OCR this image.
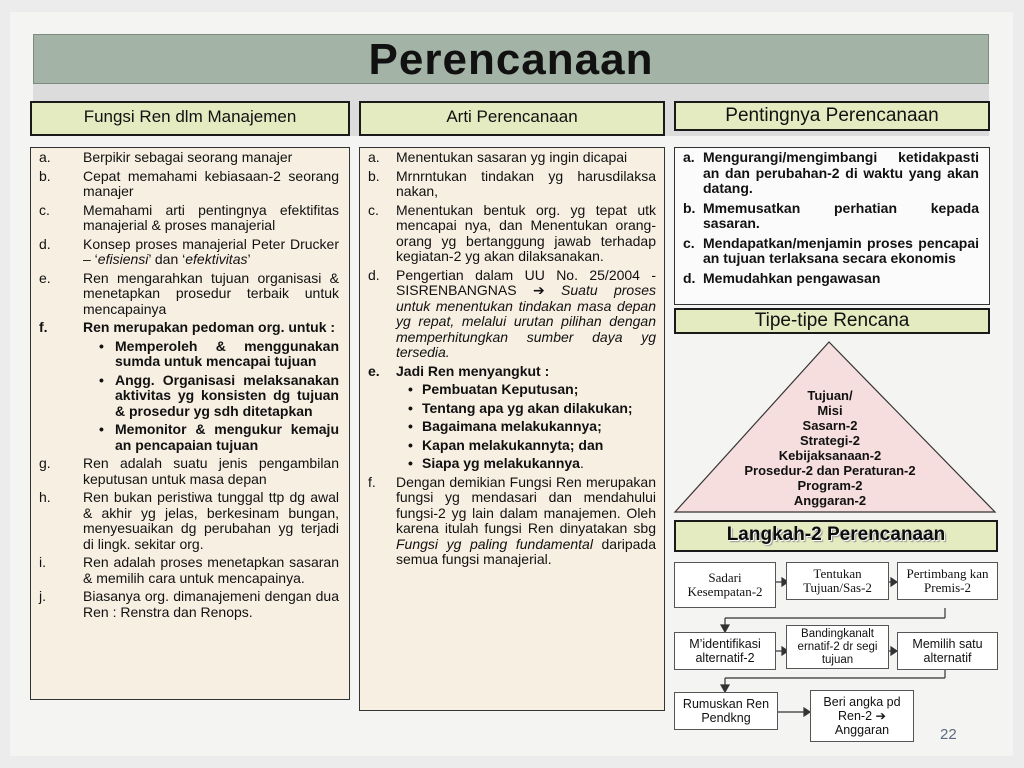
Perencanaan
Fungsi Ren dlm Manajemen	Arti Perencanaan	Pentingnya Perencanaan
a. Berpikir sebagai seorang manajer
b. Cepat memahami kebiasaan-2 seorang manajer
c. Memahami arti pentingnya efektifitas manajerial & proses manajerial
d. Konsep proses manajerial Peter Drucker – ‘efisiensi’ dan ‘efektivitas’
e. Ren mengarahkan tujuan organisasi & menetapkan prosedur terbaik untuk mencapainya
f.	Ren merupakan pedoman org. untuk :
• Memperoleh & menggunakan sumda untuk mencapai tujuan
• Angg. Organisasi melaksanakan aktivitas yg konsisten dg tujuan & prosedur yg sdh ditetapkan
• Memonitor & mengukur kemaju an pencapaian tujuan
g. Ren adalah suatu jenis pengambilan keputusan untuk masa depan
h. Ren bukan peristiwa tunggal ttp dg awal & akhir yg jelas, berkesinam bungan, menyesuaikan dg perubahan yg terjadi di lingk. sekitar org.
i.	Ren adalah proses menetapkan sasaran & memilih cara untuk mencapainya.
j.	Biasanya org. dimanajemeni dengan dua Ren : Renstra dan Renops.
a. Menentukan sasaran yg ingin dicapai
b. Mrnrntukan tindakan yg harusdilaksa nakan,
c. Menentukan bentuk org. yg tepat utk mencapai nya, dan Menentukan orang-orang yg bertanggung jawab terhadap kegiatan-2 yg akan dilaksanakan.
d. Pengertian dalam UU No. 25/2004 - SISRENBANGNAS ➔ Suatu proses untuk menentukan tindakan masa depan yg repat, melalui urutan pilihan dengan memperhitungkan sumber daya yg tersedia.
e. Jadi Ren menyangkut :
• Pembuatan Keputusan;
• Tentang apa yg akan dilakukan;
• Bagaimana melakukannya;
• Kapan melakukannyta; dan
• Siapa yg melakukannya.
f. Dengan demikian Fungsi Ren merupakan fungsi yg mendasari dan mendahului fungsi-2 yg lain dalam manajemen. Oleh karena itulah fungsi Ren dinyatakan sbg Fungsi yg paling fundamental daripada semua fungsi manajerial.
a. Mengurangi/mengimbangi ketidakpasti an dan perubahan-2 di waktu yang akan datang.
b. Mmemusatkan perhatian kepada sasaran.
c. Mendapatkan/menjamin proses pencapai an tujuan terlaksana secara ekonomis
d. Memudahkan pengawasan
Tipe-tipe Rencana
Tujuan/
Misi
Sasarn-2
Strategi-2
Kebijaksanaan-2
Prosedur-2 dan Peraturan-2
Program-2
Anggaran-2
Langkah-2 Perencanaan
Sadari Kesempatan-2
Tentukan Tujuan/Sas-2
Pertimbang kan Premis-2
M’identifikasi alternatif-2
Bandingkanalt ernatif-2 dr segi tujuan
Memilih satu alternatif
Rumuskan Ren Pendkng
Beri angka pd Ren-2 ➔ Anggaran	22
